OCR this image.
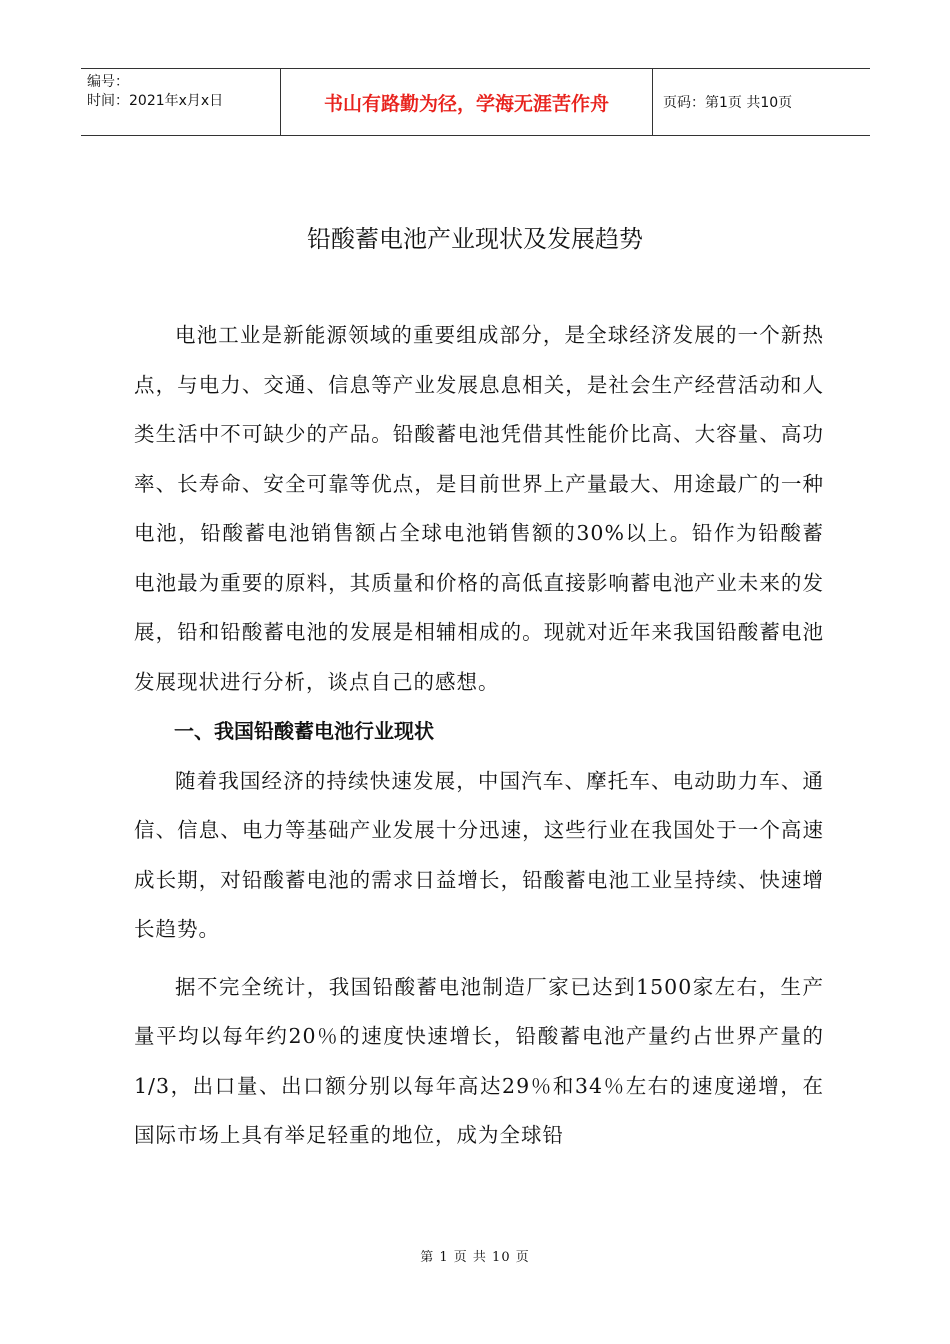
编号：
时间：2021年x月x日	书山有路勤为径，学海无涯苦作舟	页码：第1页 共10页
铅酸蓄电池产业现状及发展趋势

电池工业是新能源领域的重要组成部分，是全球经济发展的一个新热点，与电力、交通、信息等产业发展息息相关，是社会生产经营活动和人类生活中不可缺少的产品。铅酸蓄电池凭借其性能价比高、大容量、高功率、长寿命、安全可靠等优点，是目前世界上产量最大、用途最广的一种电池，铅酸蓄电池销售额占全球电池销售额的30%以上。铅作为铅酸蓄电池最为重要的原料，其质量和价格的高低直接影响蓄电池产业未来的发展，铅和铅酸蓄电池的发展是相辅相成的。现就对近年来我国铅酸蓄电池发展现状进行分析，谈点自己的感想。

一、我国铅酸蓄电池行业现状

随着我国经济的持续快速发展，中国汽车、摩托车、电动助力车、通信、信息、电力等基础产业发展十分迅速，这些行业在我国处于一个高速成长期，对铅酸蓄电池的需求日益增长，铅酸蓄电池工业呈持续、快速增长趋势。

据不完全统计，我国铅酸蓄电池制造厂家已达到1500家左右，生产量平均以每年约20％的速度快速增长，铅酸蓄电池产量约占世界产量的1/3，出口量、出口额分别以每年高达29％和34％左右的速度递增，在国际市场上具有举足轻重的地位，成为全球铅

第 1 页 共 10 页
